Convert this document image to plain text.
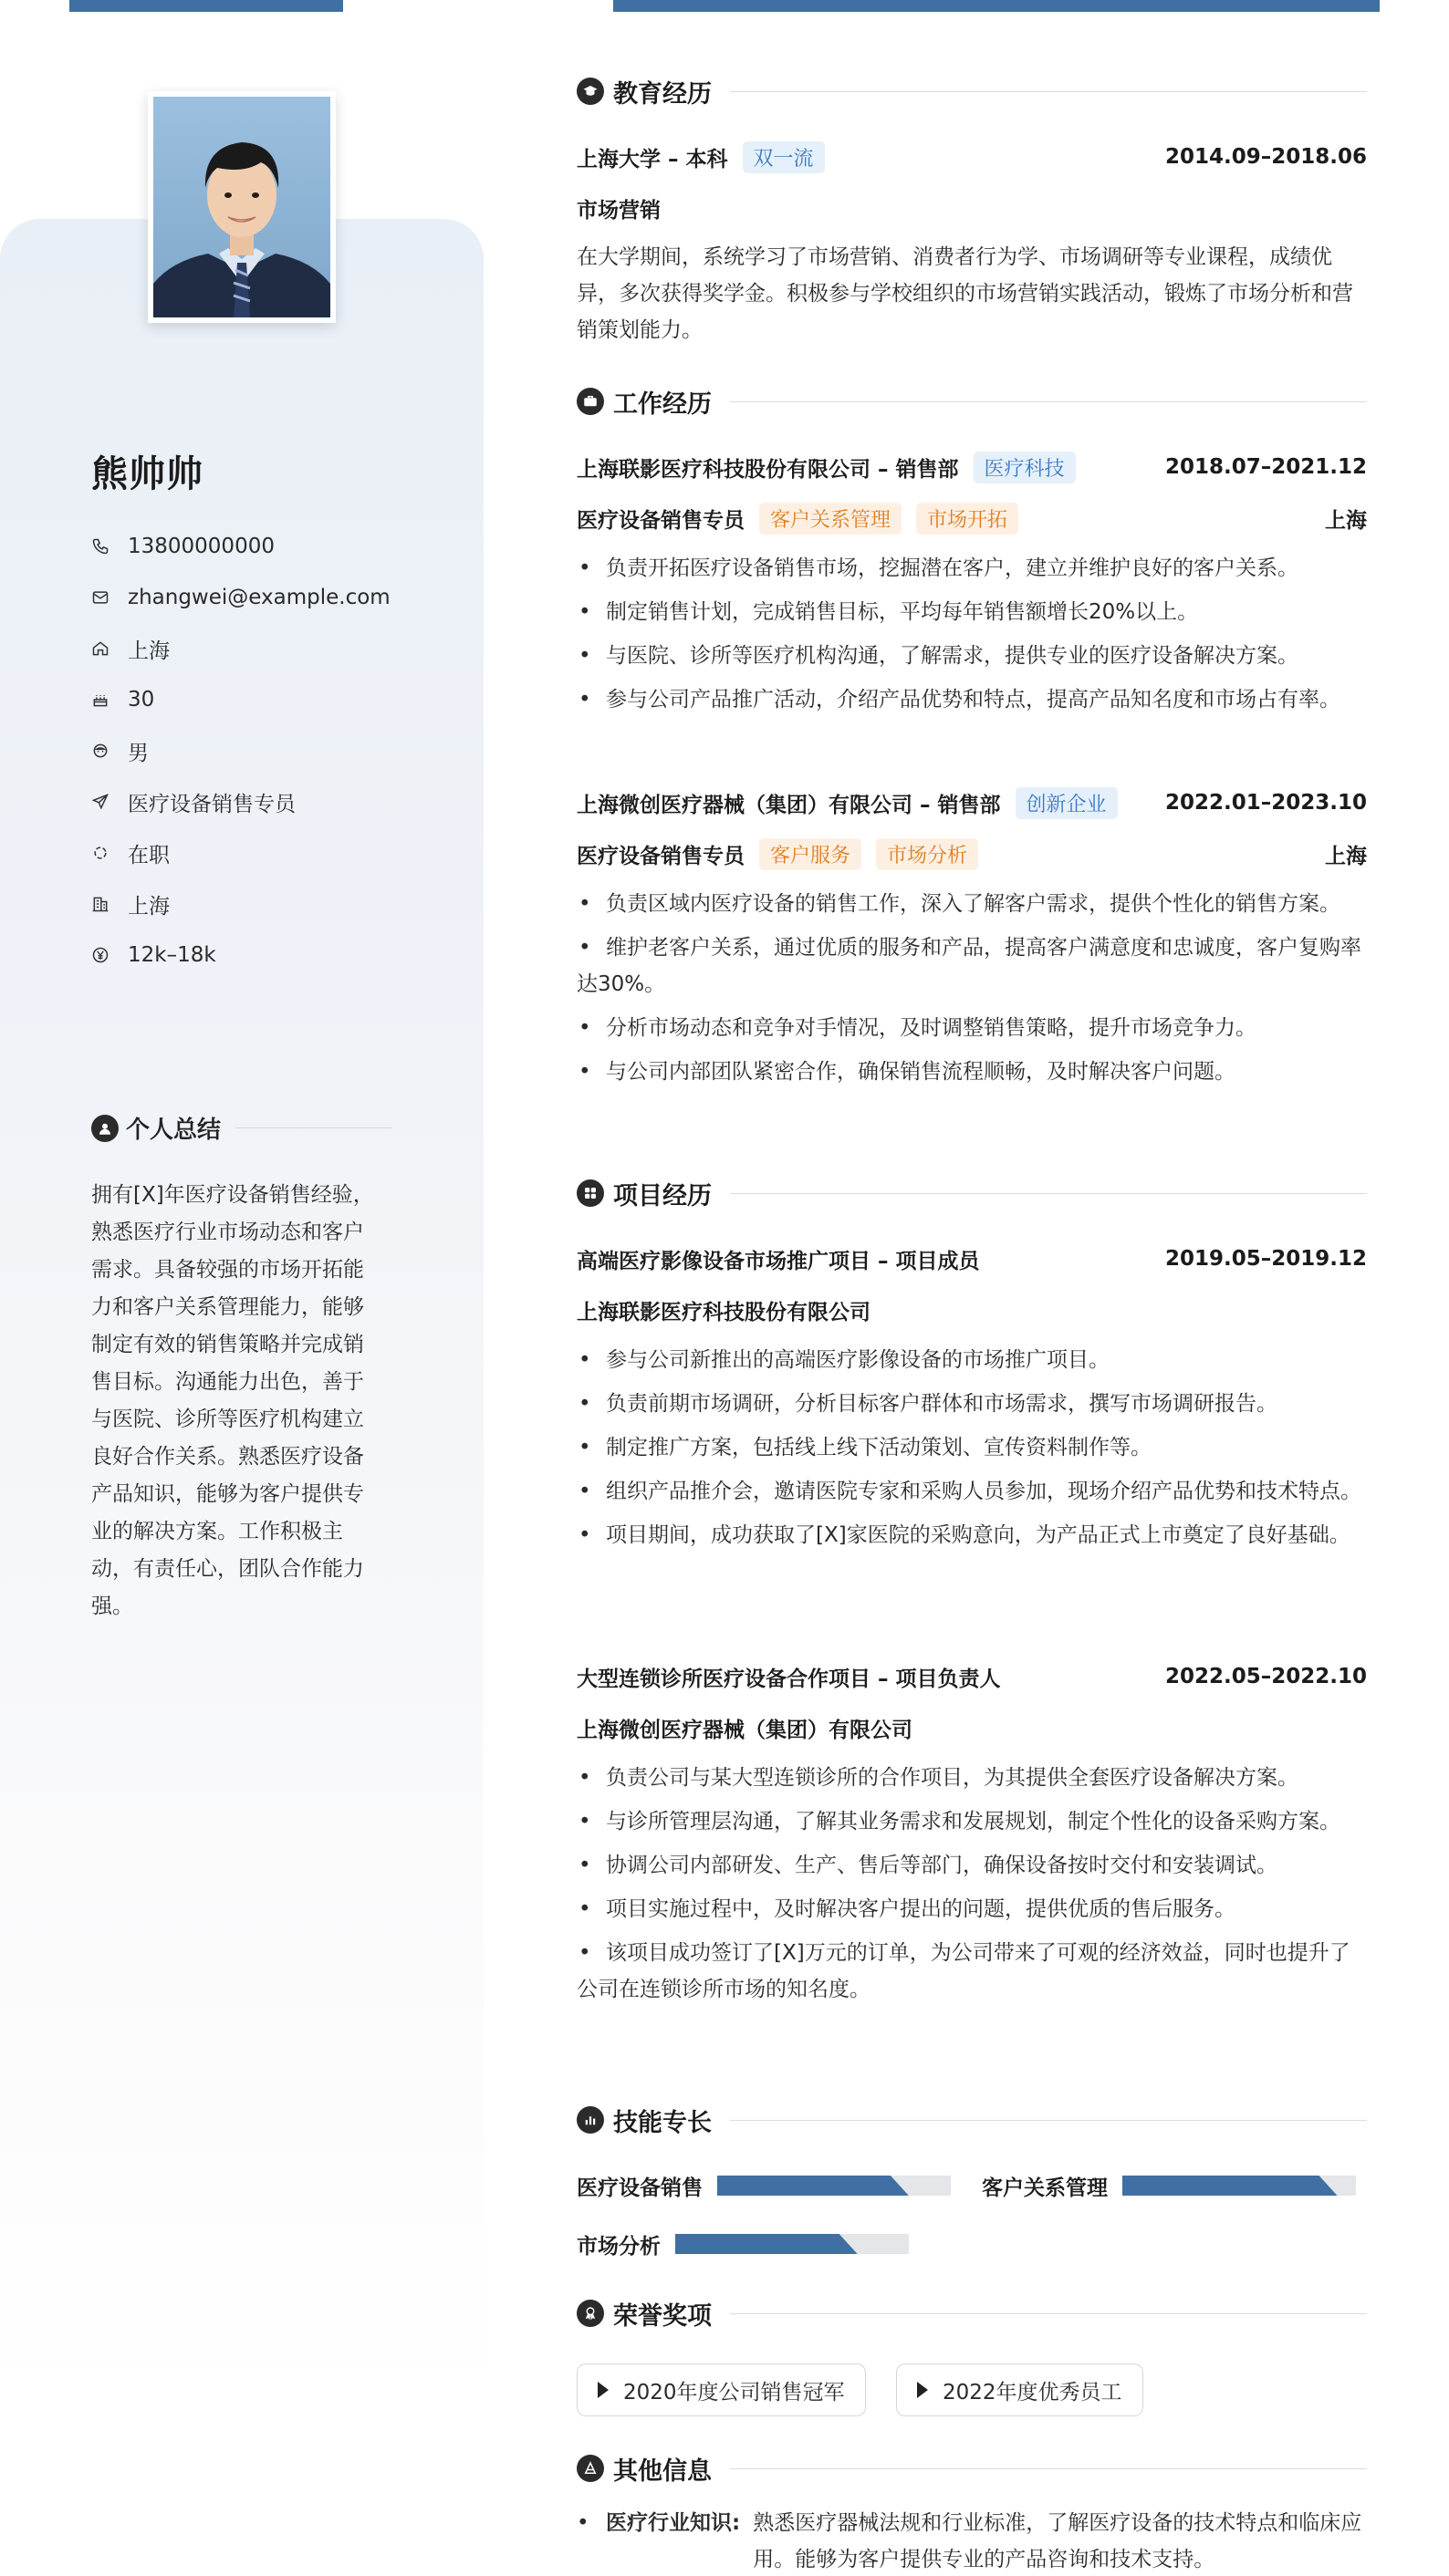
熊帅帅
13800000000
zhangwei@example.com
上海
30
男
医疗设备销售专员
在职
上海
12k–18k
个人总结
拥有[X]年医疗设备销售经验，熟悉医疗行业市场动态和客户需求。具备较强的市场开拓能力和客户关系管理能力，能够制定有效的销售策略并完成销售目标。沟通能力出色，善于与医院、诊所等医疗机构建立良好合作关系。熟悉医疗设备产品知识，能够为客户提供专业的解决方案。工作积极主动，有责任心，团队合作能力强。
教育经历
上海大学 – 本科	双一流	2014.09–2018.06
市场营销
在大学期间，系统学习了市场营销、消费者行为学、市场调研等专业课程，成绩优异，多次获得奖学金。积极参与学校组织的市场营销实践活动，锻炼了市场分析和营销策划能力。
工作经历
上海联影医疗科技股份有限公司 – 销售部	医疗科技	2018.07–2021.12
医疗设备销售专员	客户关系管理	市场开拓	上海
• 负责开拓医疗设备销售市场，挖掘潜在客户，建立并维护良好的客户关系。
• 制定销售计划，完成销售目标，平均每年销售额增长20%以上。
• 与医院、诊所等医疗机构沟通，了解需求，提供专业的医疗设备解决方案。
• 参与公司产品推广活动，介绍产品优势和特点，提高产品知名度和市场占有率。
上海微创医疗器械（集团）有限公司 – 销售部	创新企业	2022.01–2023.10
医疗设备销售专员	客户服务	市场分析	上海
• 负责区域内医疗设备的销售工作，深入了解客户需求，提供个性化的销售方案。
• 维护老客户关系，通过优质的服务和产品，提高客户满意度和忠诚度，客户复购率达30%。
• 分析市场动态和竞争对手情况，及时调整销售策略，提升市场竞争力。
• 与公司内部团队紧密合作，确保销售流程顺畅，及时解决客户问题。
项目经历
高端医疗影像设备市场推广项目 – 项目成员	2019.05–2019.12
上海联影医疗科技股份有限公司
• 参与公司新推出的高端医疗影像设备的市场推广项目。
• 负责前期市场调研，分析目标客户群体和市场需求，撰写市场调研报告。
• 制定推广方案，包括线上线下活动策划、宣传资料制作等。
• 组织产品推介会，邀请医院专家和采购人员参加，现场介绍产品优势和技术特点。
• 项目期间，成功获取了[X]家医院的采购意向，为产品正式上市奠定了良好基础。
大型连锁诊所医疗设备合作项目 – 项目负责人	2022.05–2022.10
上海微创医疗器械（集团）有限公司
• 负责公司与某大型连锁诊所的合作项目，为其提供全套医疗设备解决方案。
• 与诊所管理层沟通，了解其业务需求和发展规划，制定个性化的设备采购方案。
• 协调公司内部研发、生产、售后等部门，确保设备按时交付和安装调试。
• 项目实施过程中，及时解决客户提出的问题，提供优质的售后服务。
• 该项目成功签订了[X]万元的订单，为公司带来了可观的经济效益，同时也提升了公司在连锁诊所市场的知名度。
技能专长
医疗设备销售	客户关系管理
市场分析
荣誉奖项
2020年度公司销售冠军	2022年度优秀员工
其他信息
• 医疗行业知识: 熟悉医疗器械法规和行业标准，了解医疗设备的技术特点和临床应用。能够为客户提供专业的产品咨询和技术支持。
